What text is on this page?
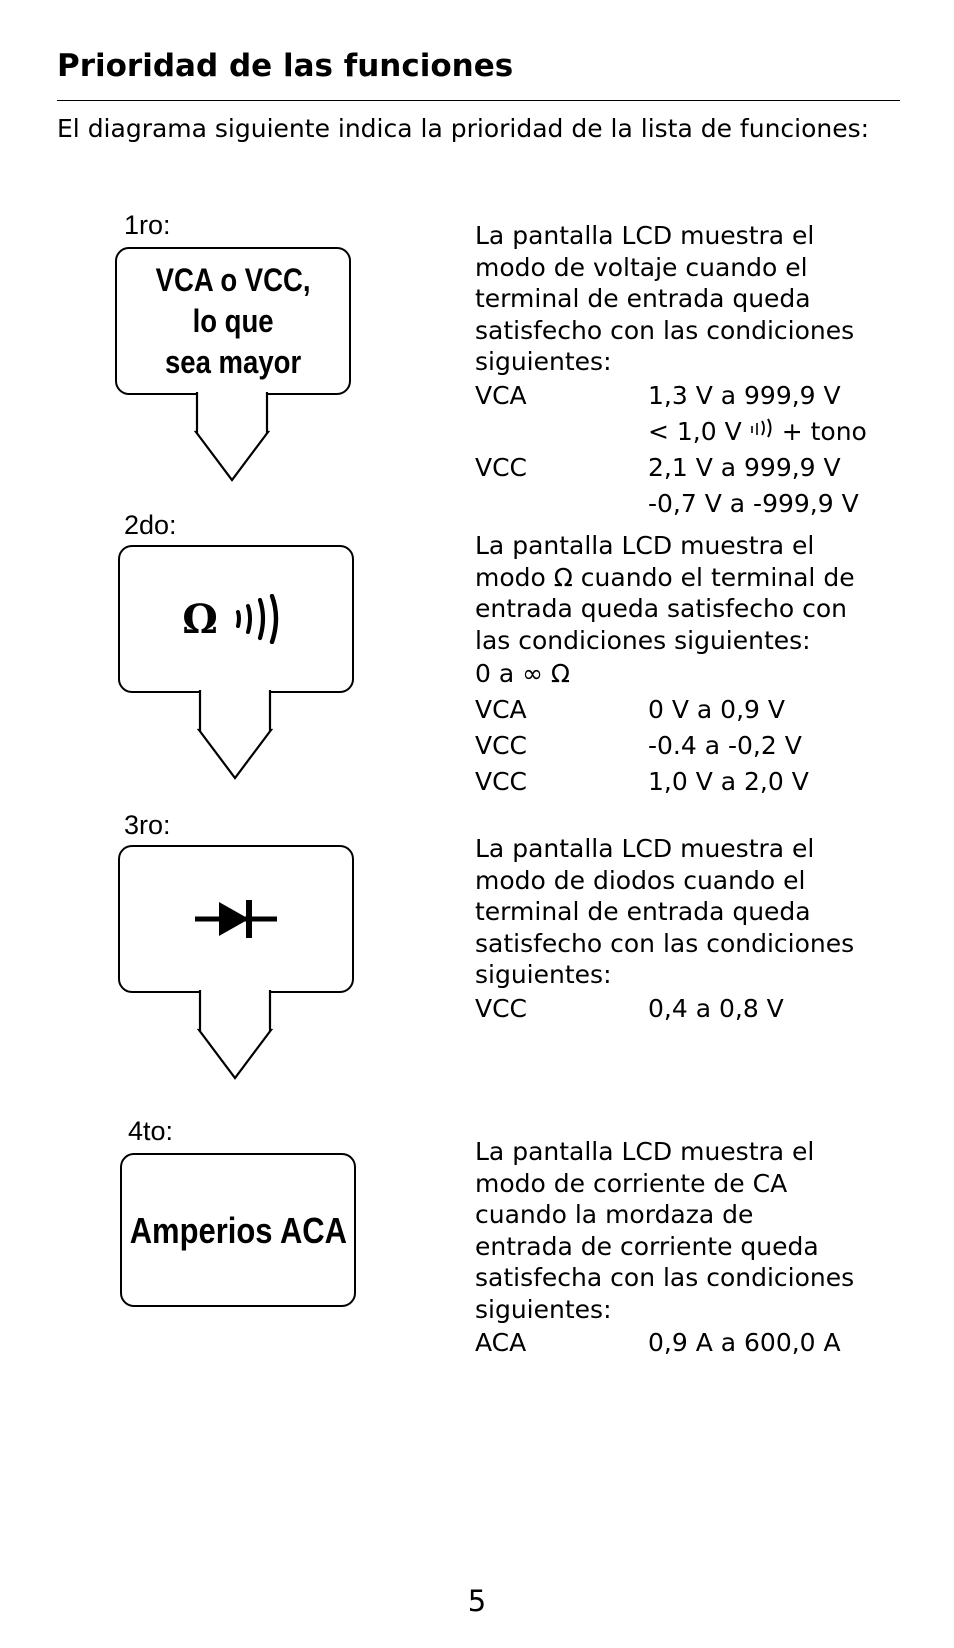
Prioridad de las funciones
El diagrama siguiente indica la prioridad de la lista de funciones:
1ro:
VCA o VCC,
lo que
sea mayor

La pantalla LCD muestra el modo de voltaje cuando el terminal de entrada queda satisfecho con las condiciones siguientes:

VCA	1,3 V a 999,9 V
< 1,0 V + tono
VCC	2,1 V a 999,9 V
-0,7 V a -999,9 V
2do:
Ω

La pantalla LCD muestra el modo Ω cuando el terminal de entrada queda satisfecho con las condiciones siguientes:

0 a ∞ Ω
VCA	0 V a 0,9 V
VCC	-0.4 a -0,2 V
VCC	1,0 V a 2,0 V
3ro:

La pantalla LCD muestra el modo de diodos cuando el terminal de entrada queda satisfecho con las condiciones siguientes:

VCC	0,4 a 0,8 V
4to:
Amperios ACA

La pantalla LCD muestra el modo de corriente de CA cuando la mordaza de entrada de corriente queda satisfecha con las condiciones siguientes:

ACA	0,9 A a 600,0 A
5
